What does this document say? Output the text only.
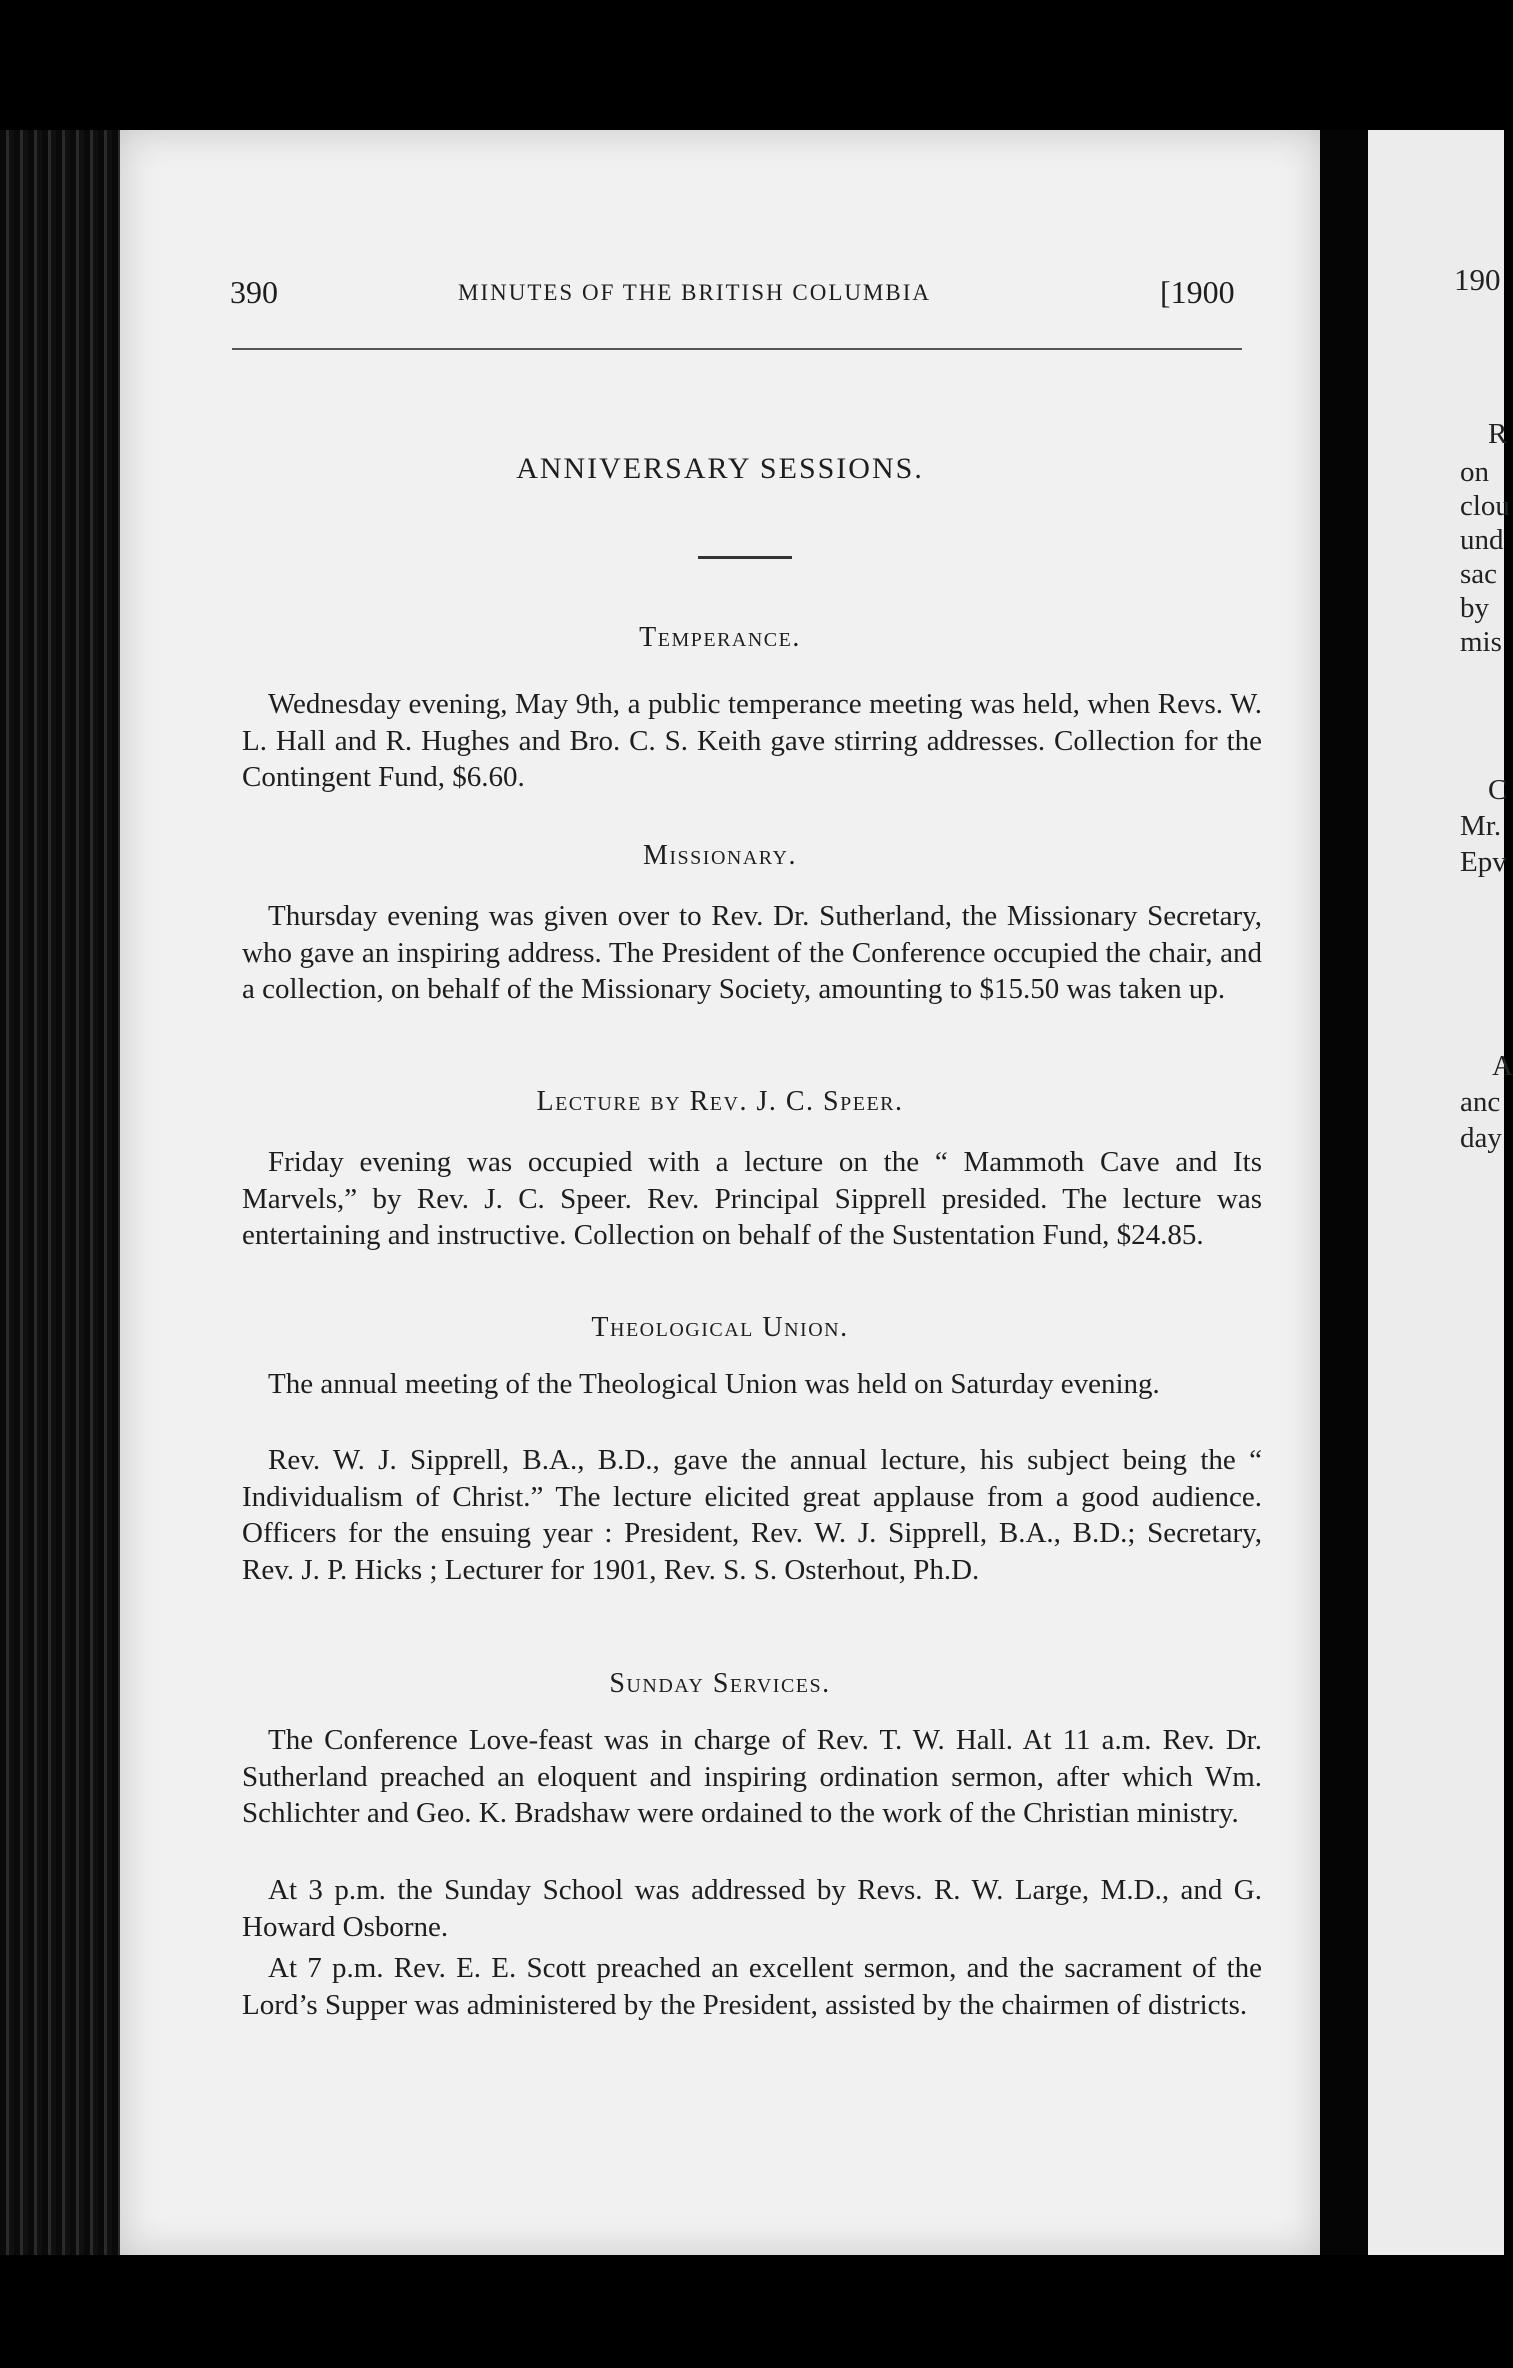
190
R
on
clou
und
sac
by
mis
C
Mr.
Epv
A
anc
day
390	MINUTES OF THE BRITISH COLUMBIA	[1900
ANNIVERSARY SESSIONS.
Temperance.
Wednesday evening, May 9th, a public temperance meeting was held, when Revs. W. L. Hall and R. Hughes and Bro. C. S. Keith gave stirring addresses. Collection for the Contingent Fund, $6.60.
Missionary.
Thursday evening was given over to Rev. Dr. Sutherland, the Missionary Secretary, who gave an inspiring address. The President of the Conference occupied the chair, and a collection, on behalf of the Missionary Society, amounting to $15.50 was taken up.
Lecture by Rev. J. C. Speer.
Friday evening was occupied with a lecture on the “ Mammoth Cave and Its Marvels,” by Rev. J. C. Speer. Rev. Principal Sipprell presided. The lecture was entertaining and instructive. Collection on behalf of the Sustentation Fund, $24.85.
Theological Union.
The annual meeting of the Theological Union was held on Saturday evening.
Rev. W. J. Sipprell, B.A., B.D., gave the annual lecture, his subject being the “ Individualism of Christ.” The lecture elicited great applause from a good audience. Officers for the ensuing year : President, Rev. W. J. Sipprell, B.A., B.D.; Secretary, Rev. J. P. Hicks ; Lecturer for 1901, Rev. S. S. Osterhout, Ph.D.
Sunday Services.
The Conference Love-feast was in charge of Rev. T. W. Hall. At 11 a.m. Rev. Dr. Sutherland preached an eloquent and inspiring ordination sermon, after which Wm. Schlichter and Geo. K. Bradshaw were ordained to the work of the Christian ministry.
At 3 p.m. the Sunday School was addressed by Revs. R. W. Large, M.D., and G. Howard Osborne.
At 7 p.m. Rev. E. E. Scott preached an excellent sermon, and the sacrament of the Lord’s Supper was administered by the President, assisted by the chairmen of districts.
